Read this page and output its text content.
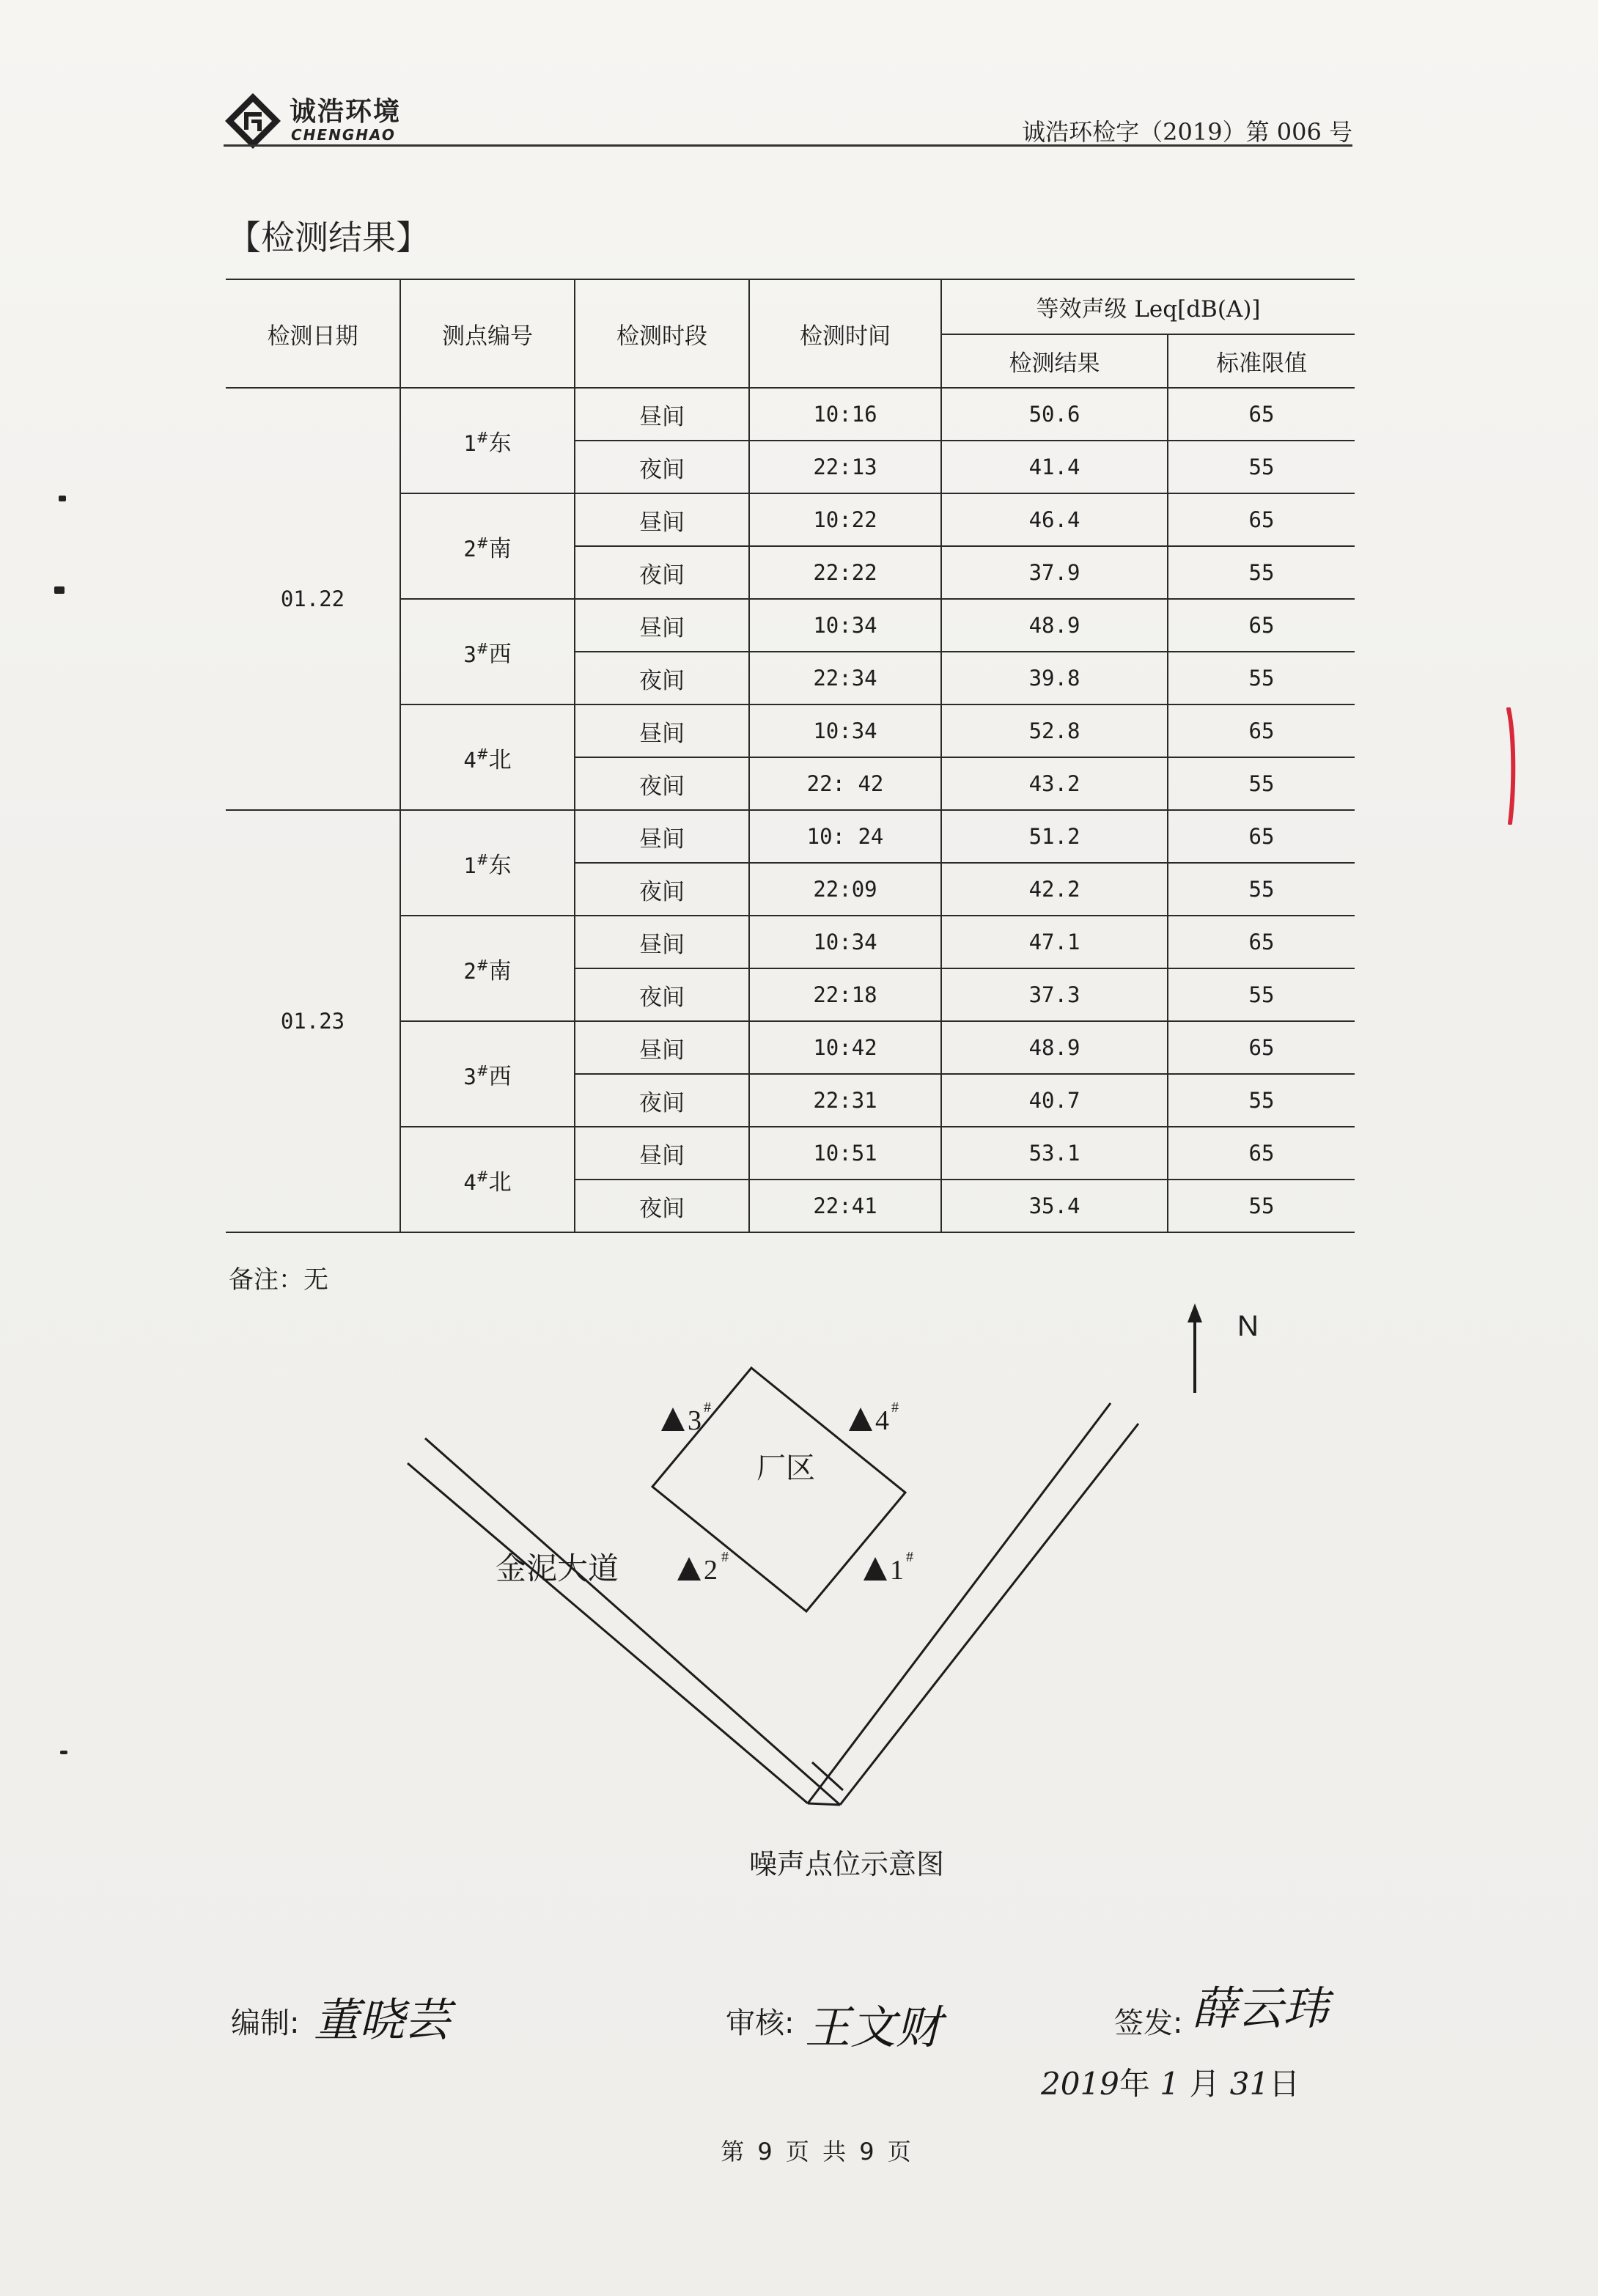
诚浩环境
CHENGHAO	诚浩环检字（2019）第 006 号
【检测结果】
检测日期	测点编号	检测时段	检测时间	等效声级 Leq[dB(A)]	
				检测结果	标准限值
01.22	1#东	昼间	10:16	50.6	65
		夜间	22:13	41.4	55
	2#南	昼间	10:22	46.4	65
		夜间	22:22	37.9	55
	3#西	昼间	10:34	48.9	65
		夜间	22:34	39.8	55
	4#北	昼间	10:34	52.8	65
		夜间	22: 42	43.2	55
01.23	1#东	昼间	10: 24	51.2	65
		夜间	22:09	42.2	55
	2#南	昼间	10:34	47.1	65
		夜间	22:18	37.3	55
	3#西	昼间	10:42	48.9	65
		夜间	22:31	40.7	55
	4#北	昼间	10:51	53.1	65
		夜间	22:41	35.4	55
备注：无
N
厂区
金泥大道
3 #	4 #
2 #	1 #
噪声点位示意图
编制: 董晓芸	审核: 王文财	签发: 薛云玮
2019年 1 月 31日
第 9 页 共 9 页
